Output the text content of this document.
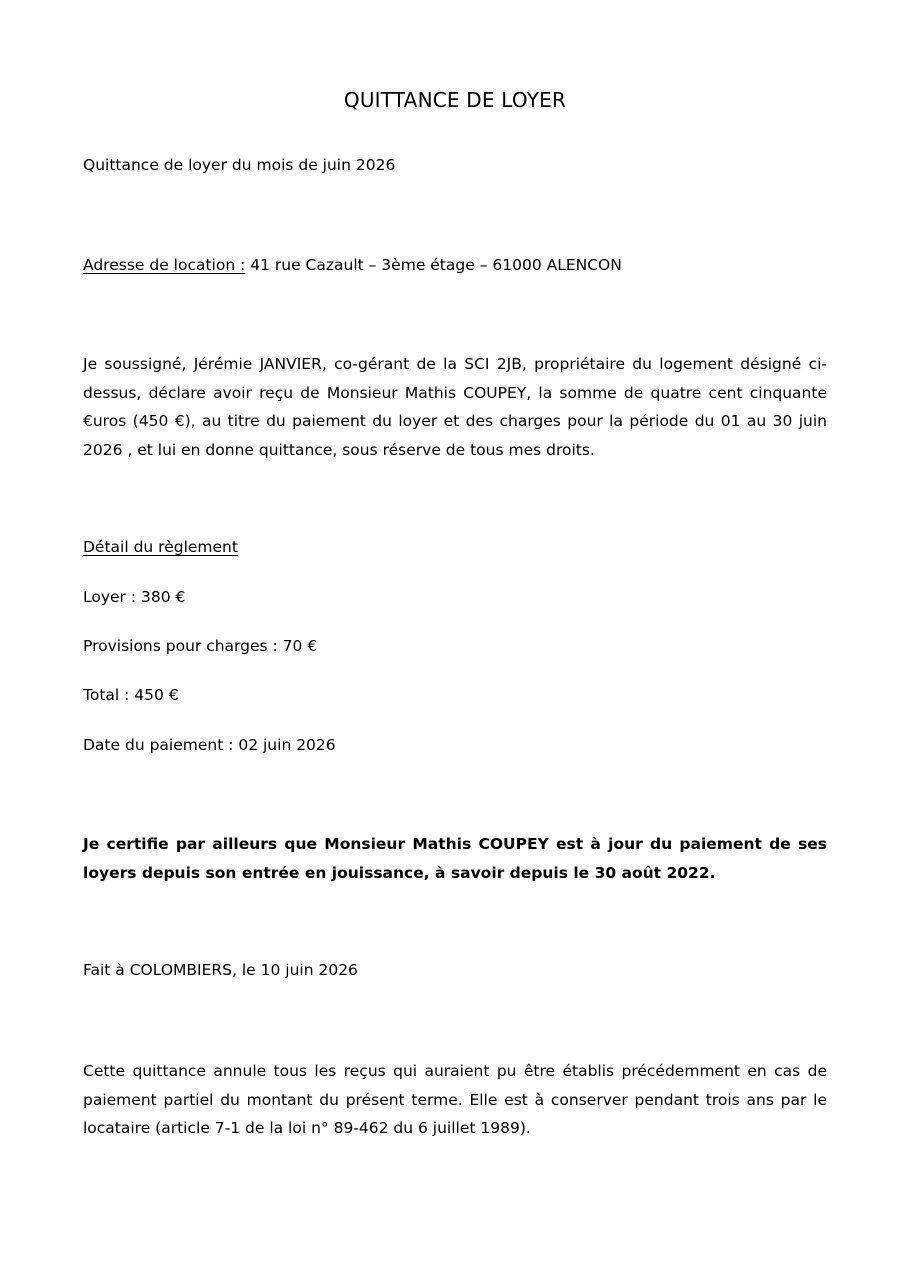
QUITTANCE DE LOYER
Quittance de loyer du mois de juin 2026
Adresse de location : 41 rue Cazault – 3ème étage – 61000 ALENCON
Je soussigné, Jérémie JANVIER, co-gérant de la SCI 2JB, propriétaire du logement désigné ci-dessus, déclare avoir reçu de Monsieur Mathis COUPEY, la somme de quatre cent cinquante €uros (450 €), au titre du paiement du loyer et des charges pour la période du 01 au 30 juin 2026 , et lui en donne quittance, sous réserve de tous mes droits.
Détail du règlement
Loyer : 380 €
Provisions pour charges : 70 €
Total : 450 €
Date du paiement : 02 juin 2026
Je certifie par ailleurs que Monsieur Mathis COUPEY est à jour du paiement de ses loyers depuis son entrée en jouissance, à savoir depuis le 30 août 2022.
Fait à COLOMBIERS, le 10 juin 2026
Cette quittance annule tous les reçus qui auraient pu être établis précédemment en cas de paiement partiel du montant du présent terme. Elle est à conserver pendant trois ans par le locataire (article 7-1 de la loi n° 89-462 du 6 juillet 1989).
